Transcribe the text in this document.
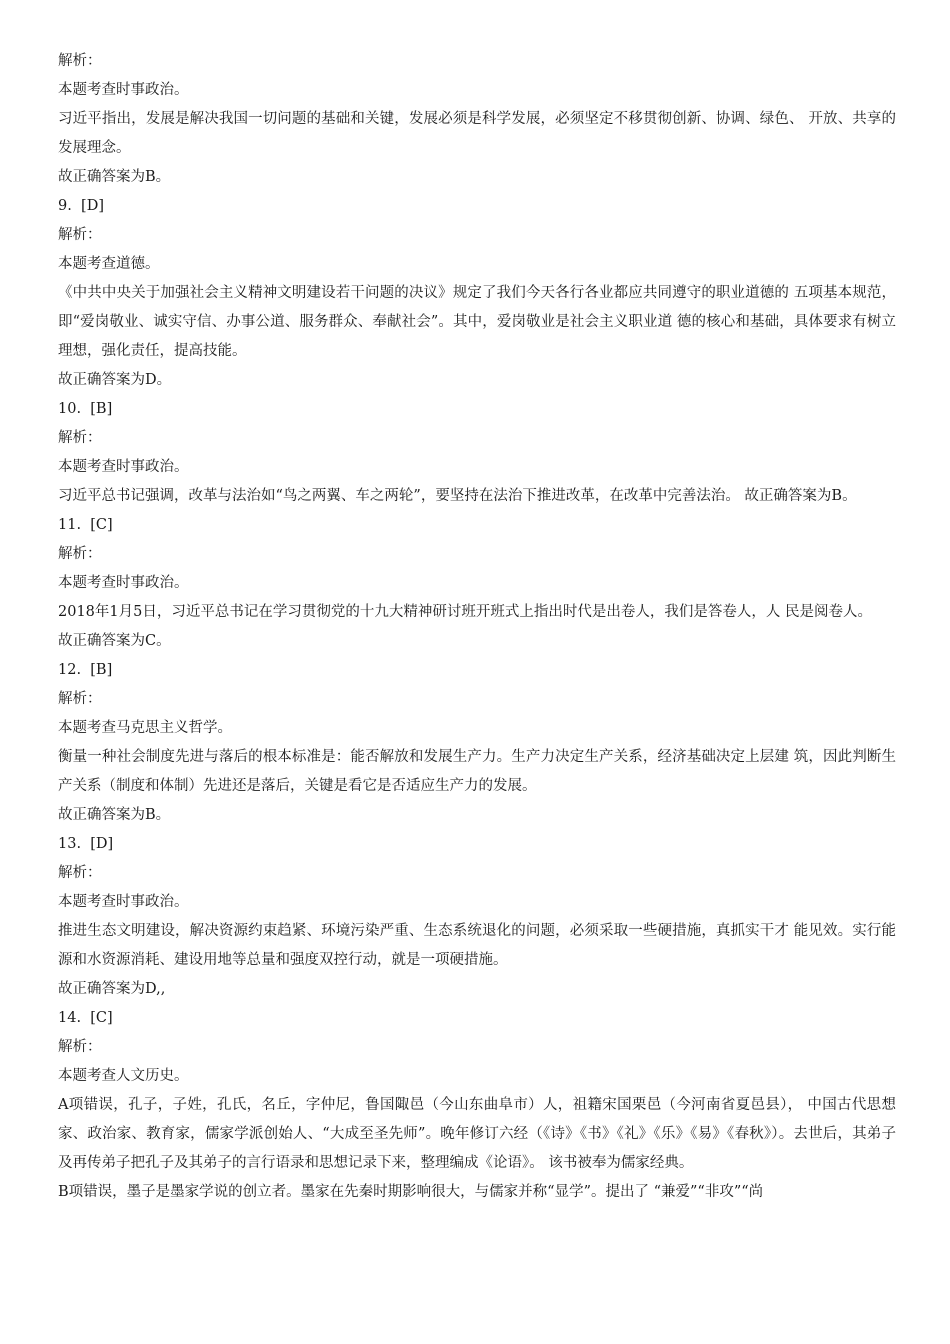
解析：
本题考查时事政治。

习近平指出，发展是解决我国一切问题的基础和关键，发展必须是科学发展，必须坚定不移贯彻创新、协调、绿色、 开放、共享的发展理念。

故正确答案为B。
9.  [D]
解析：
本题考查道德。

《中共中央关于加强社会主义精神文明建设若干问题的决议》规定了我们今天各行各业都应共同遵守的职业道德的 五项基本规范，即“爱岗敬业、诚实守信、办事公道、服务群众、奉献社会”。其中，爱岗敬业是社会主义职业道 德的核心和基础，具体要求有树立理想，强化责任，提高技能。

故正确答案为D。
10.  [B]
解析：
本题考查时事政治。

习近平总书记强调，改革与法治如“鸟之两翼、车之两轮”，要坚持在法治下推进改革，在改革中完善法治。 故正确答案为B。

11.  [C]
解析：
本题考查时事政治。

2018年1月5日，习近平总书记在学习贯彻党的十九大精神研讨班开班式上指出时代是出卷人，我们是答卷人，人 民是阅卷人。

故正确答案为C。
12.  [B]
解析：
本题考查马克思主义哲学。

衡量一种社会制度先进与落后的根本标准是：能否解放和发展生产力。生产力决定生产关系，经济基础决定上层建 筑，因此判断生产关系（制度和体制）先进还是落后，关键是看它是否适应生产力的发展。

故正确答案为B。
13.  [D]
解析：
本题考查时事政治。

推进生态文明建设，解决资源约束趋紧、环境污染严重、生态系统退化的问题，必须采取一些硬措施，真抓实干才 能见效。实行能源和水资源消耗、建设用地等总量和强度双控行动，就是一项硬措施。

故正确答案为D,,
14.  [C]
解析：
本题考查人文历史。

A项错误，孔子，子姓，孔氏，名丘，字仲尼，鲁国陬邑（今山东曲阜市）人，祖籍宋国栗邑（今河南省夏邑县）， 中国古代思想家、政治家、教育家，儒家学派创始人、“大成至圣先师”。晚年修订六经（《诗》《书》《礼》《乐》《易》《春秋》）。去世后，其弟子及再传弟子把孔子及其弟子的言行语录和思想记录下来，整理编成《论语》。 该书被奉为儒家经典。

B项错误，墨子是墨家学说的创立者。墨家在先秦时期影响很大，与儒家并称“显学”。提出了 “兼爱”“非攻”“尚
